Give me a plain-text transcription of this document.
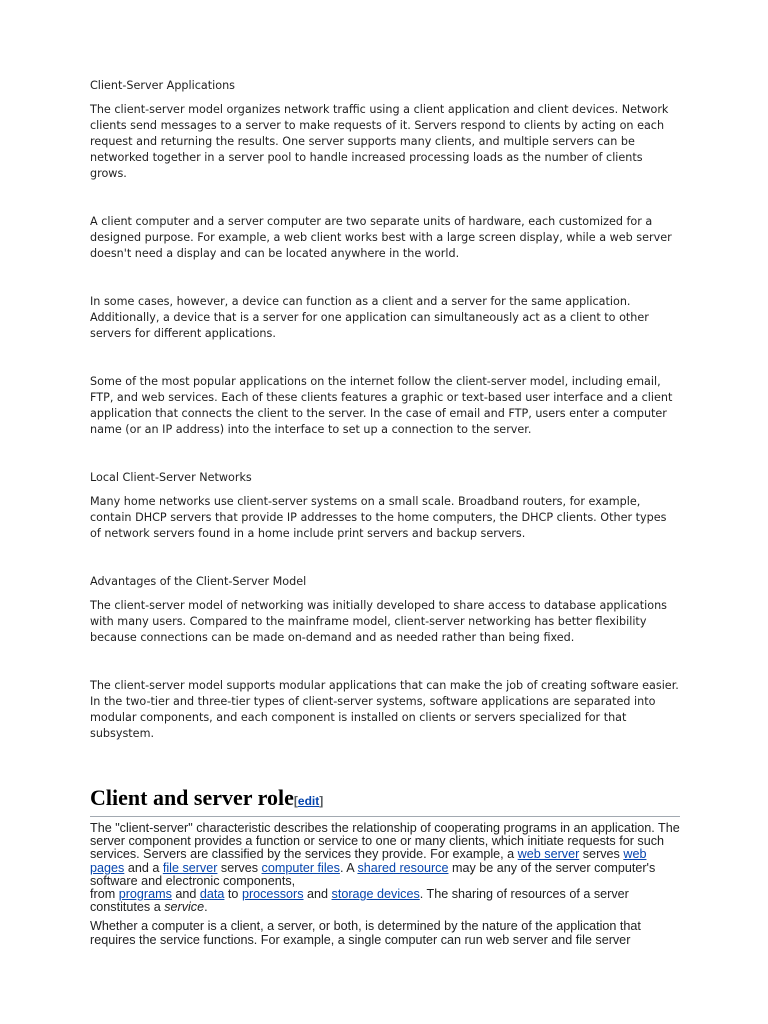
Client-Server Applications

The client-server model organizes network traffic using a client application and client devices. Network clients send messages to a server to make requests of it. Servers respond to clients by acting on each request and returning the results. One server supports many clients, and multiple servers can be networked together in a server pool to handle increased processing loads as the number of clients grows.

A client computer and a server computer are two separate units of hardware, each customized for a designed purpose. For example, a web client works best with a large screen display, while a web server doesn't need a display and can be located anywhere in the world.

In some cases, however, a device can function as a client and a server for the same application. Additionally, a device that is a server for one application can simultaneously act as a client to other servers for different applications.

Some of the most popular applications on the internet follow the client-server model, including email, FTP, and web services. Each of these clients features a graphic or text-based user interface and a client application that connects the client to the server. In the case of email and FTP, users enter a computer name (or an IP address) into the interface to set up a connection to the server.

Local Client-Server Networks

Many home networks use client-server systems on a small scale. Broadband routers, for example, contain DHCP servers that provide IP addresses to the home computers, the DHCP clients. Other types of network servers found in a home include print servers and backup servers.

Advantages of the Client-Server Model

The client-server model of networking was initially developed to share access to database applications with many users. Compared to the mainframe model, client-server networking has better flexibility because connections can be made on-demand and as needed rather than being fixed.

The client-server model supports modular applications that can make the job of creating software easier. In the two-tier and three-tier types of client-server systems, software applications are separated into modular components, and each component is installed on clients or servers specialized for that subsystem.

Client and server role[edit]

The "client-server" characteristic describes the relationship of cooperating programs in an application. The server component provides a function or service to one or many clients, which initiate requests for such services. Servers are classified by the services they provide. For example, a web server serves web pages and a file server serves computer files. A shared resource may be any of the server computer's software and electronic components,
from programs and data to processors and storage devices. The sharing of resources of a server constitutes a service.

Whether a computer is a client, a server, or both, is determined by the nature of the application that requires the service functions. For example, a single computer can run web server and file server
